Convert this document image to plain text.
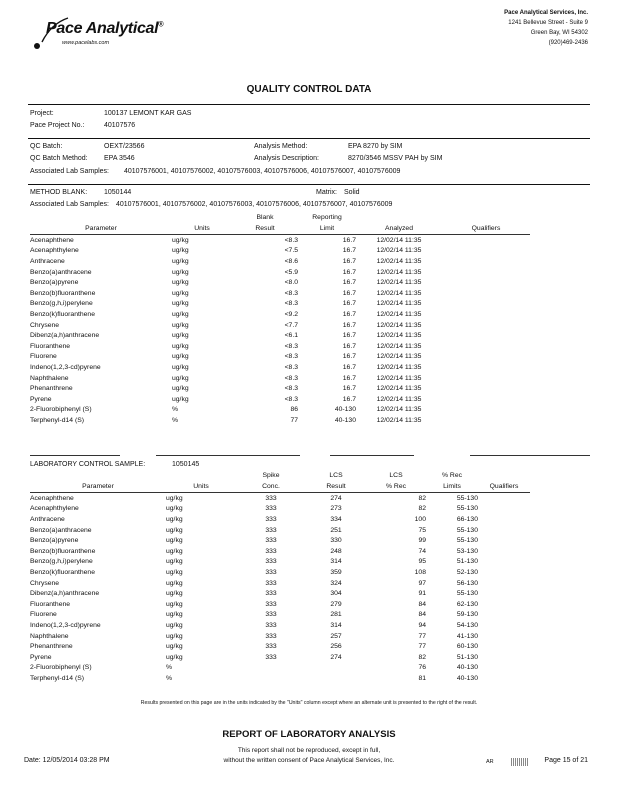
Pace Analytical®
www.pacelabs.com
Pace Analytical Services, Inc.
1241 Bellevue Street - Suite 9
Green Bay, WI 54302
(920)469-2436
QUALITY CONTROL DATA
Project:	100137 LEMONT KAR GAS
Pace Project No.:	40107576
QC Batch:	OEXT/23566	Analysis Method:	EPA 8270 by SIM
QC Batch Method: EPA 3546	Analysis Description:	8270/3546 MSSV PAH by SIM
Associated Lab Samples: 40107576001, 40107576002, 40107576003, 40107576006, 40107576007, 40107576009
METHOD BLANK: 1050144	Matrix: Solid
Associated Lab Samples: 40107576001, 40107576002, 40107576003, 40107576006, 40107576007, 40107576009
		Blank	Reporting		
Parameter	Units	Result	Limit	Analyzed	Qualifiers
Acenaphthene	ug/kg	<8.3	16.7	12/02/14 11:35	
Acenaphthylene	ug/kg	<7.5	16.7	12/02/14 11:35	
Anthracene	ug/kg	<8.6	16.7	12/02/14 11:35	
Benzo(a)anthracene	ug/kg	<5.9	16.7	12/02/14 11:35	
Benzo(a)pyrene	ug/kg	<8.0	16.7	12/02/14 11:35	
Benzo(b)fluoranthene	ug/kg	<8.3	16.7	12/02/14 11:35	
Benzo(g,h,i)perylene	ug/kg	<8.3	16.7	12/02/14 11:35	
Benzo(k)fluoranthene	ug/kg	<9.2	16.7	12/02/14 11:35	
Chrysene	ug/kg	<7.7	16.7	12/02/14 11:35	
Dibenz(a,h)anthracene	ug/kg	<6.1	16.7	12/02/14 11:35	
Fluoranthene	ug/kg	<8.3	16.7	12/02/14 11:35	
Fluorene	ug/kg	<8.3	16.7	12/02/14 11:35	
Indeno(1,2,3-cd)pyrene	ug/kg	<8.3	16.7	12/02/14 11:35	
Naphthalene	ug/kg	<8.3	16.7	12/02/14 11:35	
Phenanthrene	ug/kg	<8.3	16.7	12/02/14 11:35	
Pyrene	ug/kg	<8.3	16.7	12/02/14 11:35	
2-Fluorobiphenyl (S)	%	86	40-130	12/02/14 11:35	
Terphenyl-d14 (S)	%	77	40-130	12/02/14 11:35	
LABORATORY CONTROL SAMPLE:	1050145
		Spike	LCS	LCS	% Rec	
Parameter	Units	Conc.	Result	% Rec	Limits	Qualifiers
Acenaphthene	ug/kg	333	274	82	55-130	
Acenaphthylene	ug/kg	333	273	82	55-130	
Anthracene	ug/kg	333	334	100	66-130	
Benzo(a)anthracene	ug/kg	333	251	75	55-130	
Benzo(a)pyrene	ug/kg	333	330	99	55-130	
Benzo(b)fluoranthene	ug/kg	333	248	74	53-130	
Benzo(g,h,i)perylene	ug/kg	333	314	95	51-130	
Benzo(k)fluoranthene	ug/kg	333	359	108	52-130	
Chrysene	ug/kg	333	324	97	56-130	
Dibenz(a,h)anthracene	ug/kg	333	304	91	55-130	
Fluoranthene	ug/kg	333	279	84	62-130	
Fluorene	ug/kg	333	281	84	59-130	
Indeno(1,2,3-cd)pyrene	ug/kg	333	314	94	54-130	
Naphthalene	ug/kg	333	257	77	41-130	
Phenanthrene	ug/kg	333	256	77	60-130	
Pyrene	ug/kg	333	274	82	51-130	
2-Fluorobiphenyl (S)	%			76	40-130	
Terphenyl-d14 (S)	%			81	40-130	
Results presented on this page are in the units indicated by the "Units" column except where an alternate unit is presented to the right of the result.
REPORT OF LABORATORY ANALYSIS
This report shall not be reproduced, except in full,
without the written consent of Pace Analytical Services, Inc.
Date: 12/05/2014 03:28 PM	AR	Page 15 of 21
